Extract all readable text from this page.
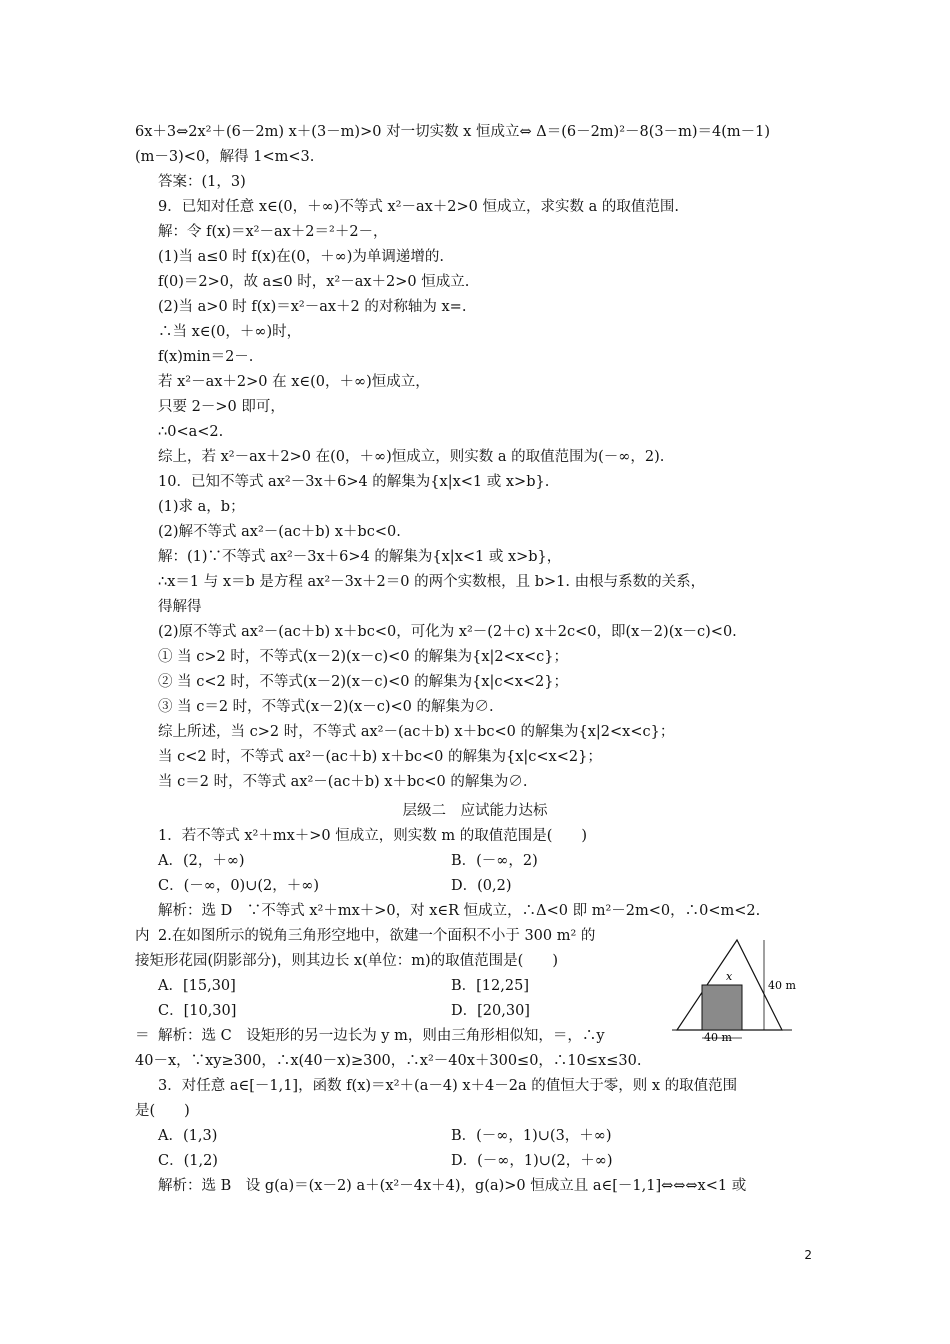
6x＋3⇔2x²＋(6－2m) x＋(3－m)>0 对一切实数 x 恒成立⇔ Δ＝(6－2m)²－8(3－m)＝4(m－1)
(m－3)<0，解得 1<m<3.
答案：(1，3)
9．已知对任意 x∈(0，＋∞)不等式 x²－ax＋2>0 恒成立，求实数 a 的取值范围.
解：令 f(x)＝x²－ax＋2＝²＋2－，
(1)当 a≤0 时 f(x)在(0，＋∞)为单调递增的.
f(0)＝2>0，故 a≤0 时，x²－ax＋2>0 恒成立.
(2)当 a>0 时 f(x)＝x²－ax＋2 的对称轴为 x=.
∴当 x∈(0，＋∞)时，
f(x)min＝2－.
若 x²－ax＋2>0 在 x∈(0，＋∞)恒成立，
只要 2－>0 即可，
∴0<a<2.
综上，若 x²－ax＋2>0 在(0，＋∞)恒成立，则实数 a 的取值范围为(－∞，2).
10．已知不等式 ax²－3x＋6>4 的解集为{x|x<1 或 x>b}.
(1)求 a，b；
(2)解不等式 ax²－(ac＋b) x＋bc<0.
解：(1)∵不等式 ax²－3x＋6>4 的解集为{x|x<1 或 x>b}，
∴x＝1 与 x＝b 是方程 ax²－3x＋2＝0 的两个实数根，且 b>1. 由根与系数的关系，
得解得
(2)原不等式 ax²－(ac＋b) x＋bc<0，可化为 x²－(2＋c) x＋2c<0，即(x－2)(x－c)<0.
① 当 c>2 时，不等式(x－2)(x－c)<0 的解集为{x|2<x<c}；
② 当 c<2 时，不等式(x－2)(x－c)<0 的解集为{x|c<x<2}；
③ 当 c＝2 时，不等式(x－2)(x－c)<0 的解集为∅.
综上所述，当 c>2 时，不等式 ax²－(ac＋b) x＋bc<0 的解集为{x|2<x<c}；
当 c<2 时，不等式 ax²－(ac＋b) x＋bc<0 的解集为{x|c<x<2}；
当 c＝2 时，不等式 ax²－(ac＋b) x＋bc<0 的解集为∅.
层级二　应试能力达标
1．若不等式 x²＋mx＋>0 恒成立，则实数 m 的取值范围是(　　)
A．(2，＋∞)	B．(－∞，2)
C．(－∞，0)∪(2，＋∞)	D．(0,2)
解析：选 D　∵不等式 x²＋mx＋>0，对 x∈R 恒成立，∴Δ<0 即 m²－2m<0，∴0<m<2.
2.在如图所示的锐角三角形空地中，欲建一个面积不小于 300 m² 的
内
接矩形花园(阴影部分)，则其边长 x(单位：m)的取值范围是(　　)
A．[15,30]	B．[12,25]
C．[10,30]	D．[20,30]
解析：选 C　设矩形的另一边长为 y m，则由三角形相似知，＝，∴y
＝
40－x，∵xy≥300，∴x(40－x)≥300，∴x²－40x＋300≤0，∴10≤x≤30.
x
40 m
40 m
3．对任意 a∈[－1,1]，函数 f(x)＝x²＋(a－4) x＋4－2a 的值恒大于零，则 x 的取值范围
是(　　)
A．(1,3)	B．(－∞，1)∪(3，＋∞)
C．(1,2)	D．(－∞，1)∪(2，＋∞)
解析：选 B　设 g(a)＝(x－2) a＋(x²－4x＋4)，g(a)>0 恒成立且 a∈[－1,1]⇔⇔⇔x<1 或
2
